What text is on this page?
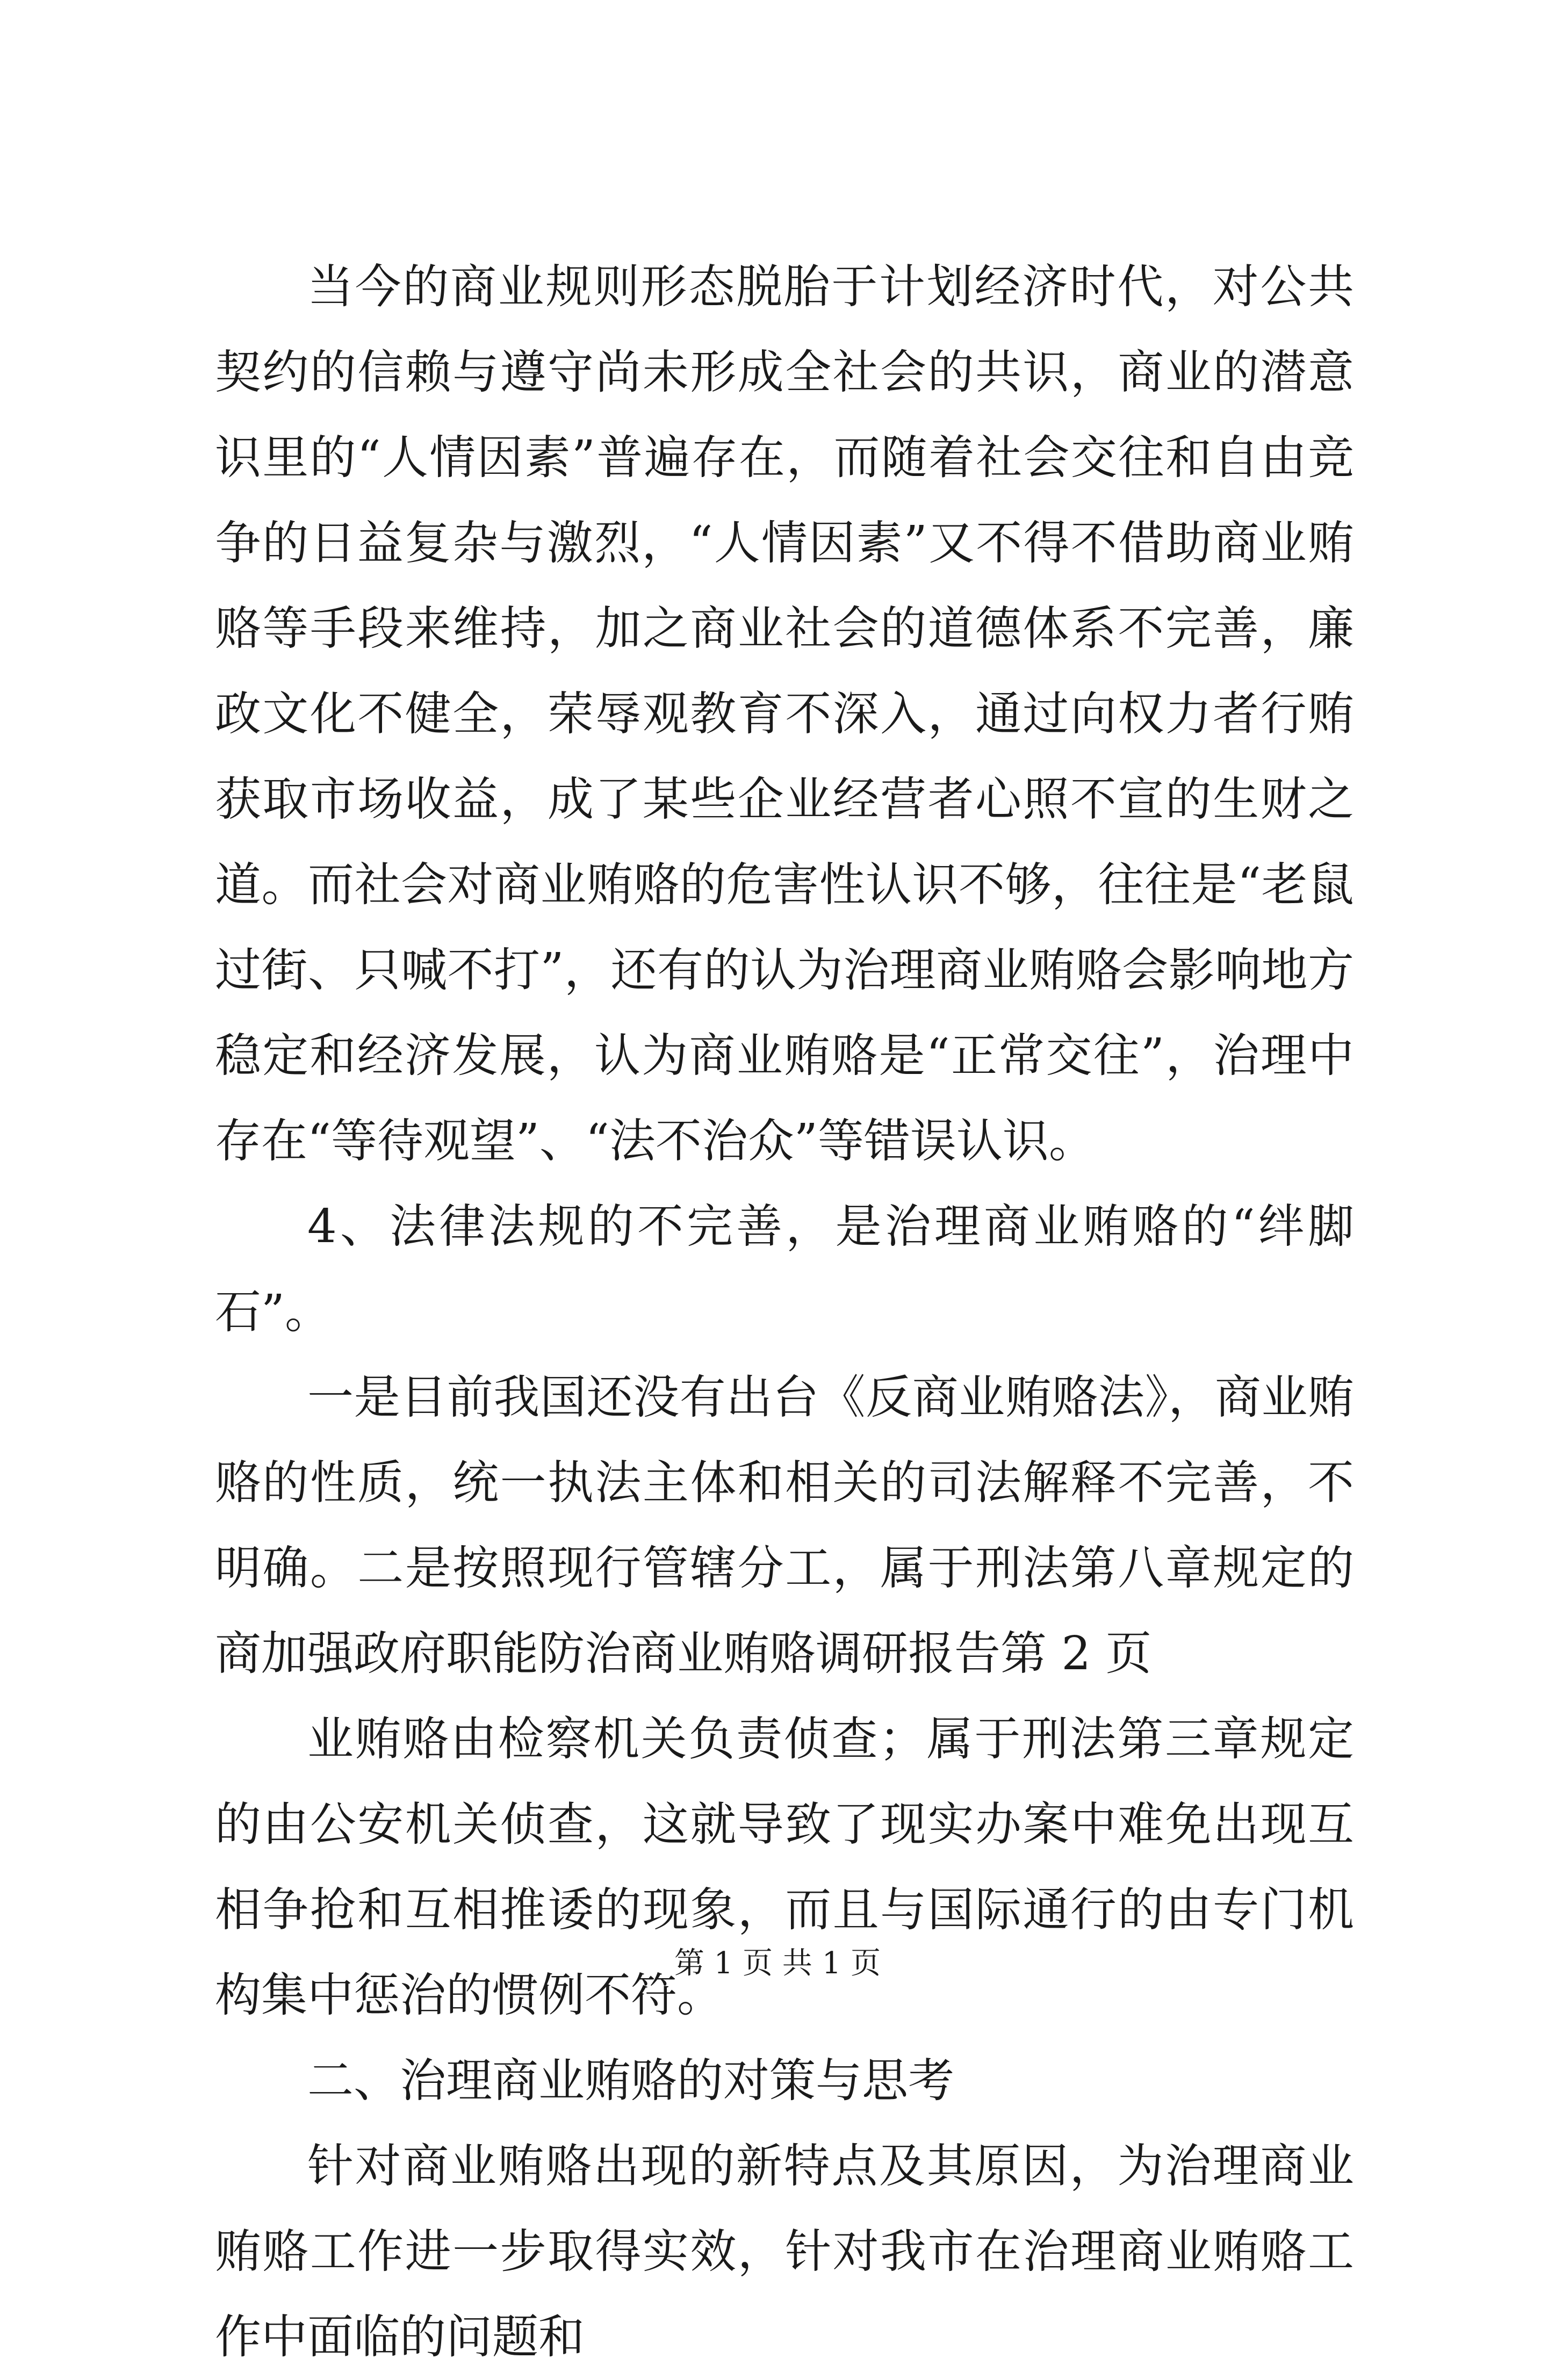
当今的商业规则形态脱胎于计划经济时代，对公共契约的信赖与遵守尚未形成全社会的共识，商业的潜意识里的“人情因素”普遍存在，而随着社会交往和自由竞争的日益复杂与激烈，“人情因素”又不得不借助商业贿赂等手段来维持，加之商业社会的道德体系不完善，廉政文化不健全，荣辱观教育不深入，通过向权力者行贿获取市场收益，成了某些企业经营者心照不宣的生财之道。而社会对商业贿赂的危害性认识不够，往往是“老鼠过街、只喊不打”，还有的认为治理商业贿赂会影响地方稳定和经济发展，认为商业贿赂是“正常交往”，治理中存在“等待观望”、“法不治众”等错误认识。

4、法律法规的不完善，是治理商业贿赂的“绊脚石”。

一是目前我国还没有出台《反商业贿赂法》，商业贿赂的性质，统一执法主体和相关的司法解释不完善，不明确。二是按照现行管辖分工，属于刑法第八章规定的商加强政府职能防治商业贿赂调研报告第 2 页

业贿赂由检察机关负责侦查；属于刑法第三章规定的由公安机关侦查，这就导致了现实办案中难免出现互相争抢和互相推诿的现象，而且与国际通行的由专门机构集中惩治的惯例不符。

二、治理商业贿赂的对策与思考

针对商业贿赂出现的新特点及其原因，为治理商业贿赂工作进一步取得实效，针对我市在治理商业贿赂工作中面临的问题和

第 1 页 共 1 页
